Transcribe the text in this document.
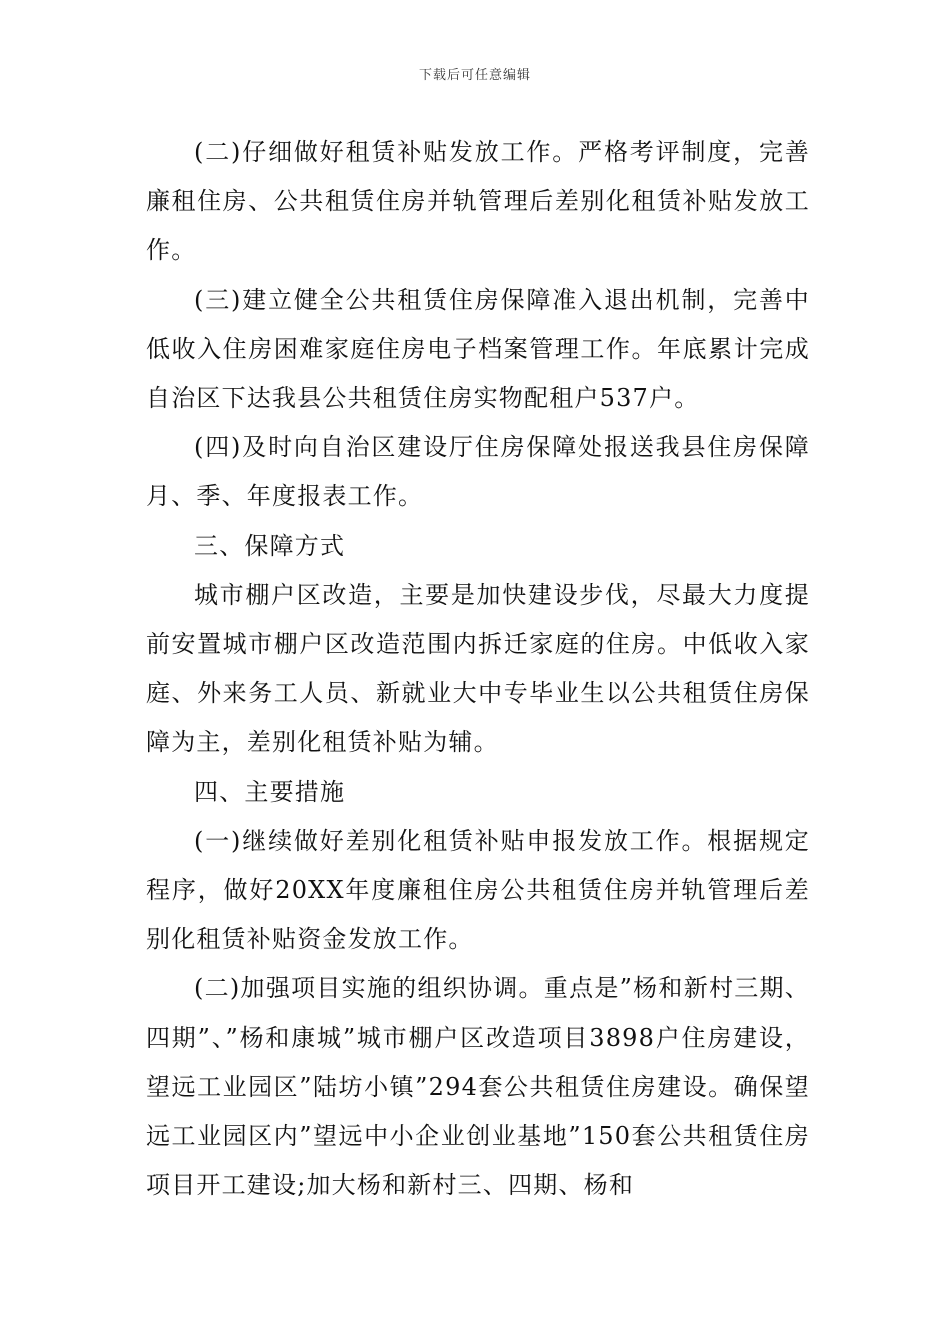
下载后可任意编辑

(二)仔细做好租赁补贴发放工作。严格考评制度，完善廉租住房、公共租赁住房并轨管理后差别化租赁补贴发放工作。

(三)建立健全公共租赁住房保障准入退出机制，完善中低收入住房困难家庭住房电子档案管理工作。年底累计完成自治区下达我县公共租赁住房实物配租户537户。

(四)及时向自治区建设厅住房保障处报送我县住房保障月、季、年度报表工作。

三、保障方式

城市棚户区改造，主要是加快建设步伐，尽最大力度提前安置城市棚户区改造范围内拆迁家庭的住房。中低收入家庭、外来务工人员、新就业大中专毕业生以公共租赁住房保障为主，差别化租赁补贴为辅。

四、主要措施

(一)继续做好差别化租赁补贴申报发放工作。根据规定程序，做好20XX年度廉租住房公共租赁住房并轨管理后差别化租赁补贴资金发放工作。

(二)加强项目实施的组织协调。重点是”杨和新村三期、四期”、”杨和康城”城市棚户区改造项目3898户住房建设，望远工业园区”陆坊小镇”294套公共租赁住房建设。确保望远工业园区内”望远中小企业创业基地”150套公共租赁住房项目开工建设;加大杨和新村三、四期、杨和
